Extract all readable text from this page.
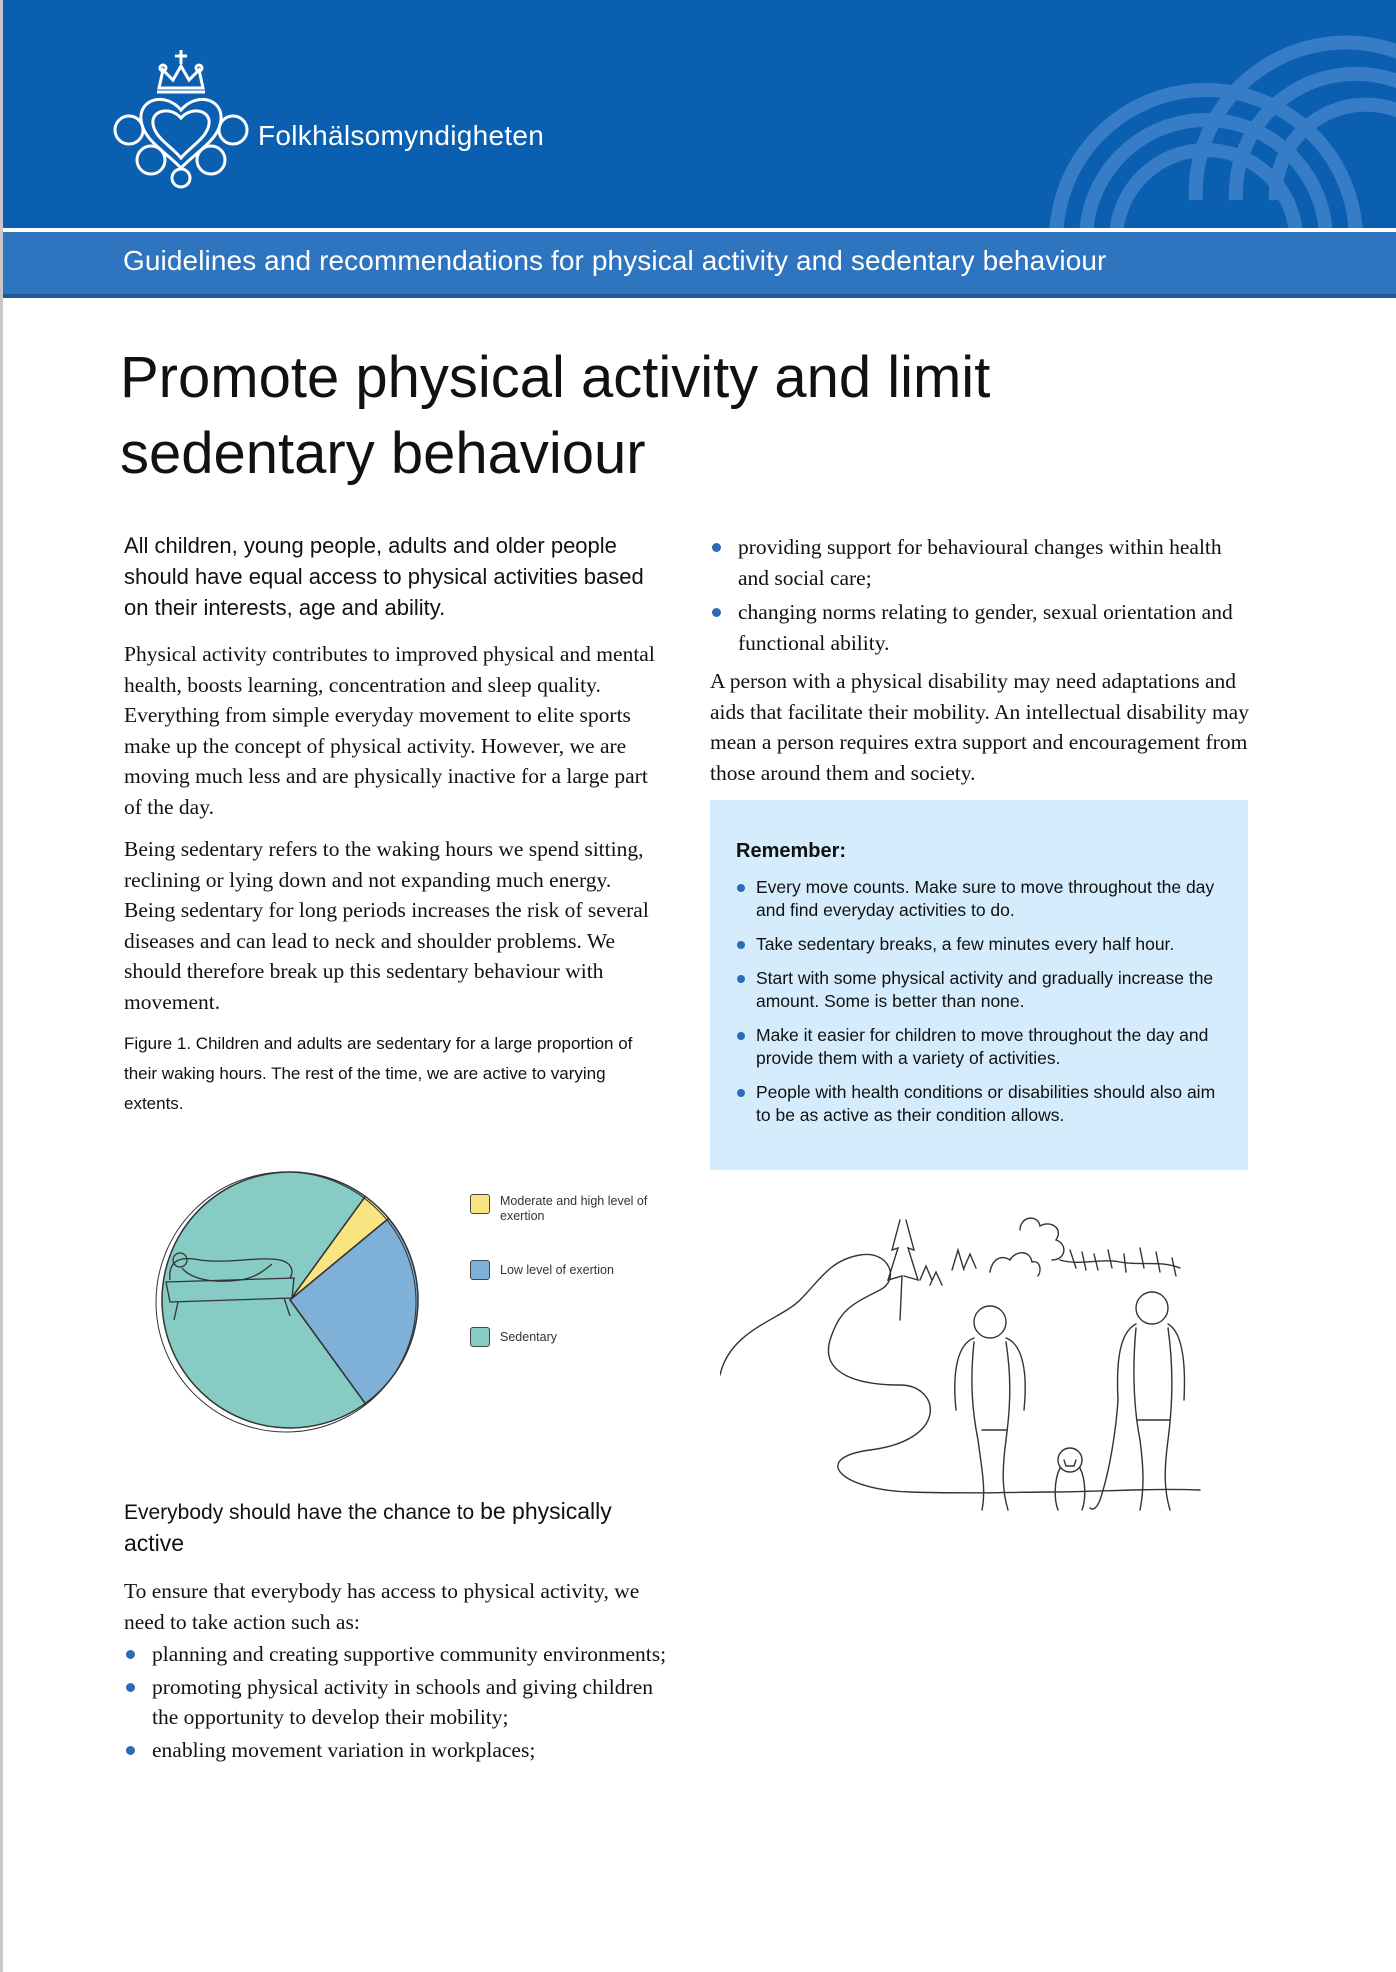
Folkhälsomyndigheten
Guidelines and recommendations for physical activity and sedentary behaviour
Promote physical activity and limit
sedentary behaviour

All children, young people, adults and older people should have equal access to physical activities based on their interests, age and ability.

Physical activity contributes to improved physical and mental health, boosts learning, concentration and sleep quality. Everything from simple everyday movement to elite sports make up the concept of physical activity. However, we are moving much less and are physically inactive for a large part of the day.

Being sedentary refers to the waking hours we spend sitting, reclining or lying down and not expanding much energy. Being sedentary for long periods increases the risk of several diseases and can lead to neck and shoulder problems. We should therefore break up this sedentary behaviour with movement.

Figure 1. Children and adults are sedentary for a large proportion of their waking hours. The rest of the time, we are active to varying extents.

Moderate and high level of exertion
Low level of exertion
Sedentary

Everybody should have the chance to be physically
active

To ensure that everybody has access to physical activity, we need to take action such as:

planning and creating supportive community environments;
promoting physical activity in schools and giving children the opportunity to develop their mobility;
enabling movement variation in workplaces;
providing support for behavioural changes within health and social care;
changing norms relating to gender, sexual orientation and functional ability.

A person with a physical disability may need adaptations and aids that facilitate their mobility. An intellectual disability may mean a person requires extra support and encouragement from those around them and society.

Remember:
Every move counts. Make sure to move throughout the day and find everyday activities to do.
Take sedentary breaks, a few minutes every half hour.
Start with some physical activity and gradually increase the amount. Some is better than none.
Make it easier for children to move throughout the day and provide them with a variety of activities.
People with health conditions or disabilities should also aim to be as active as their condition allows.
